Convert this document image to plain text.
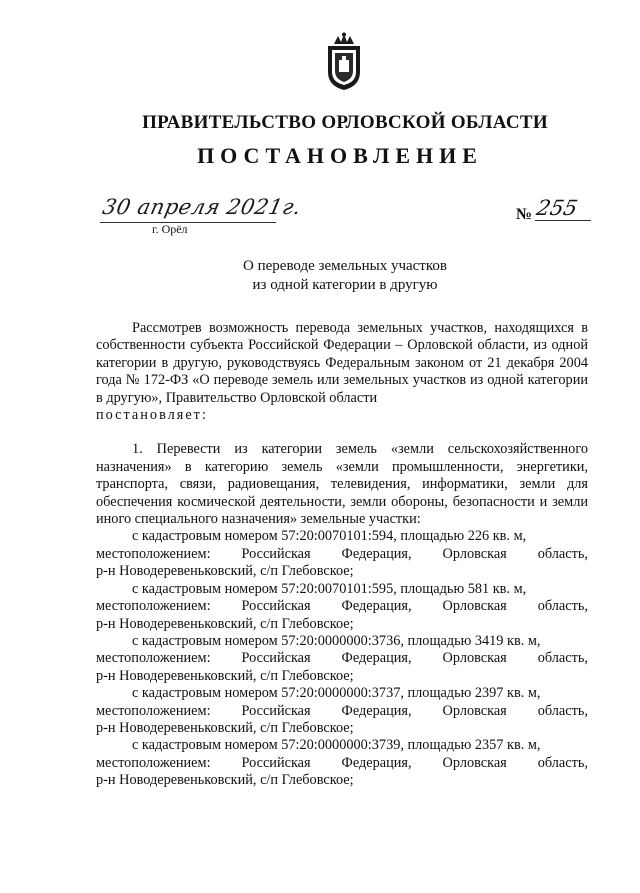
ПРАВИТЕЛЬСТВО ОРЛОВСКОЙ ОБЛАСТИ
ПОСТАНОВЛЕНИЕ
30 апреля 2021г.
г. Орёл
№ 255
О переводе земельных участков
из одной категории в другую

Рассмотрев возможность перевода земельных участков, находящихся в собственности субъекта Российской Федерации – Орловской области, из одной категории в другую, руководствуясь Федеральным законом от 21 декабря 2004 года № 172-ФЗ «О переводе земель или земельных участков из одной категории в другую», Правительство Орловской области

постановляет:

1. Перевести из категории земель «земли сельскохозяйственного назначения» в категорию земель «земли промышленности, энергетики, транспорта, связи, радиовещания, телевидения, информатики, земли для обеспечения космической деятельности, земли обороны, безопасности и земли иного специального назначения» земельные участки:

с кадастровым номером 57:20:0070101:594, площадью 226 кв. м,

местоположением: Российская Федерация, Орловская область,

р-н Новодеревеньковский, с/п Глебовское;

с кадастровым номером 57:20:0070101:595, площадью 581 кв. м,

местоположением: Российская Федерация, Орловская область,

р-н Новодеревеньковский, с/п Глебовское;

с кадастровым номером 57:20:0000000:3736, площадью 3419 кв. м,

местоположением: Российская Федерация, Орловская область,

р-н Новодеревеньковский, с/п Глебовское;

с кадастровым номером 57:20:0000000:3737, площадью 2397 кв. м,

местоположением: Российская Федерация, Орловская область,

р-н Новодеревеньковский, с/п Глебовское;

с кадастровым номером 57:20:0000000:3739, площадью 2357 кв. м,

местоположением: Российская Федерация, Орловская область,

р-н Новодеревеньковский, с/п Глебовское;
